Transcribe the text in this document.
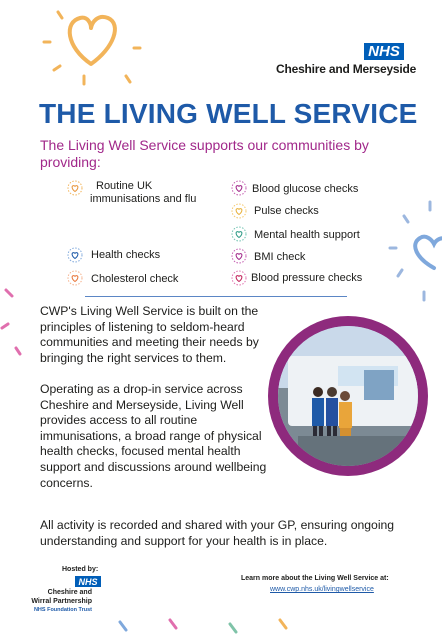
NHS
Cheshire and Merseyside
THE LIVING WELL SERVICE
The Living Well Service supports our communities by providing:
Routine UK immunisations and flu
Blood glucose checks
Pulse checks
Mental health support
Health checks	BMI check
Cholesterol check	Blood pressure checks
CWP's Living Well Service is built on the principles of listening to seldom-heard communities and meeting their needs by bringing the right services to them.
Operating as a drop-in service across Cheshire and Merseyside, Living Well provides access to all routine immunisations, a broad range of physical health checks, focused mental health support and discussions around wellbeing concerns.
All activity is recorded and shared with your GP, ensuring ongoing understanding and support for your health is in place.
Hosted by:
NHS
Cheshire and
Wirral Partnership
NHS Foundation Trust
Learn more about the Living Well Service at:
www.cwp.nhs.uk/livingwellservice
